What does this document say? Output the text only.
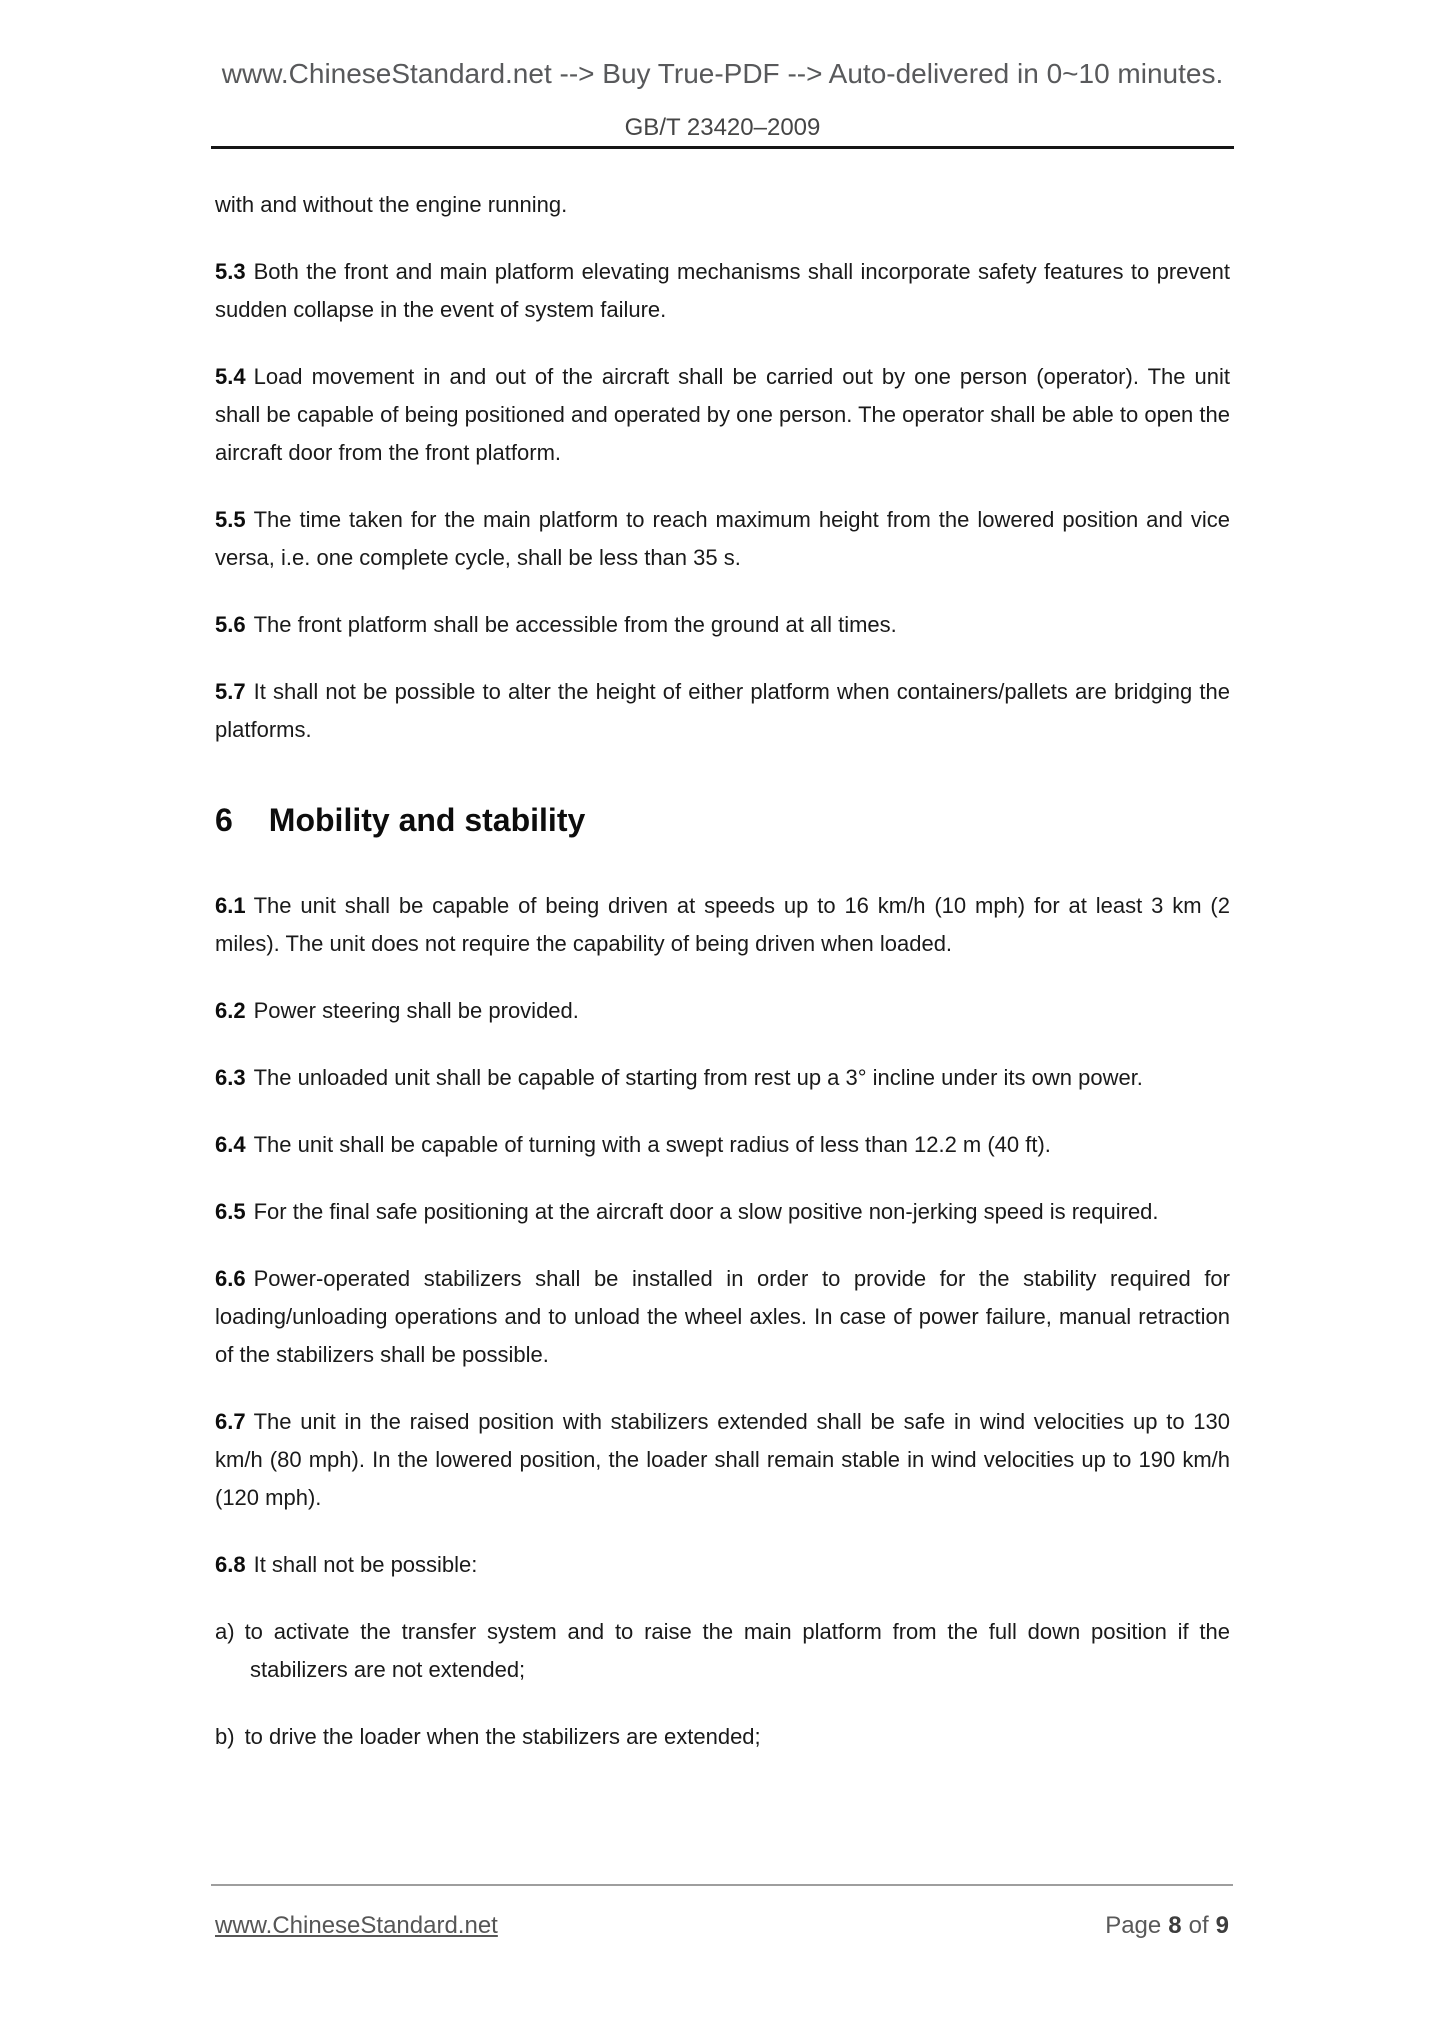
www.ChineseStandard.net --> Buy True-PDF --> Auto-delivered in 0~10 minutes.
GB/T 23420–2009

with and without the engine running.

5.3 Both the front and main platform elevating mechanisms shall incorporate safety features to prevent sudden collapse in the event of system failure.

5.4 Load movement in and out of the aircraft shall be carried out by one person (operator). The unit shall be capable of being positioned and operated by one person. The operator shall be able to open the aircraft door from the front platform.

5.5 The time taken for the main platform to reach maximum height from the lowered position and vice versa, i.e. one complete cycle, shall be less than 35 s.

5.6 The front platform shall be accessible from the ground at all times.

5.7 It shall not be possible to alter the height of either platform when containers/pallets are bridging the platforms.

6 Mobility and stability

6.1 The unit shall be capable of being driven at speeds up to 16 km/h (10 mph) for at least 3 km (2 miles). The unit does not require the capability of being driven when loaded.

6.2 Power steering shall be provided.

6.3 The unloaded unit shall be capable of starting from rest up a 3° incline under its own power.

6.4 The unit shall be capable of turning with a swept radius of less than 12.2 m (40 ft).

6.5 For the final safe positioning at the aircraft door a slow positive non-jerking speed is required.

6.6 Power-operated stabilizers shall be installed in order to provide for the stability required for loading/unloading operations and to unload the wheel axles. In case of power failure, manual retraction of the stabilizers shall be possible.

6.7 The unit in the raised position with stabilizers extended shall be safe in wind velocities up to 130 km/h (80 mph). In the lowered position, the loader shall remain stable in wind velocities up to 190 km/h (120 mph).

6.8 It shall not be possible:

a) to activate the transfer system and to raise the main platform from the full down position if the stabilizers are not extended;

b) to drive the loader when the stabilizers are extended;

www.ChineseStandard.net	Page 8 of 9
